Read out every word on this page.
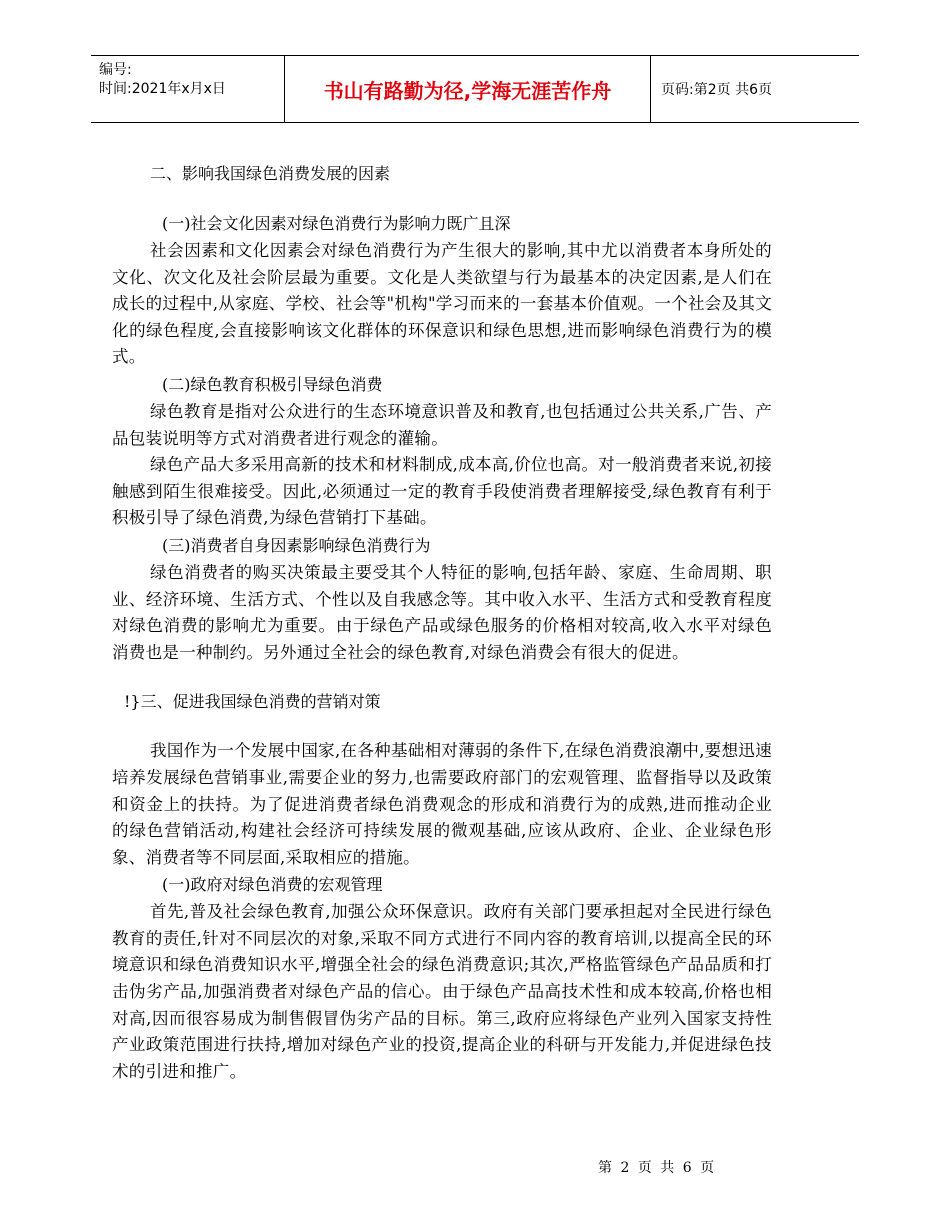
编号:
时间:2021年x月x日	书山有路勤为径,学海无涯苦作舟	页码:第2页 共6页
二、影响我国绿色消费发展的因素
(一)社会文化因素对绿色消费行为影响力既广且深

社会因素和文化因素会对绿色消费行为产生很大的影响,其中尤以消费者本身所处的文化、次文化及社会阶层最为重要。文化是人类欲望与行为最基本的决定因素,是人们在成长的过程中,从家庭、学校、社会等"机构"学习而来的一套基本价值观。一个社会及其文化的绿色程度,会直接影响该文化群体的环保意识和绿色思想,进而影响绿色消费行为的模式。

(二)绿色教育积极引导绿色消费

绿色教育是指对公众进行的生态环境意识普及和教育,也包括通过公共关系,广告、产品包装说明等方式对消费者进行观念的灌输。

绿色产品大多采用高新的技术和材料制成,成本高,价位也高。对一般消费者来说,初接触感到陌生很难接受。因此,必须通过一定的教育手段使消费者理解接受,绿色教育有利于积极引导了绿色消费,为绿色营销打下基础。

(三)消费者自身因素影响绿色消费行为

绿色消费者的购买决策最主要受其个人特征的影响,包括年龄、家庭、生命周期、职业、经济环境、生活方式、个性以及自我感念等。其中收入水平、生活方式和受教育程度对绿色消费的影响尤为重要。由于绿色产品或绿色服务的价格相对较高,收入水平对绿色消费也是一种制约。另外通过全社会的绿色教育,对绿色消费会有很大的促进。

!}三、促进我国绿色消费的营销对策

我国作为一个发展中国家,在各种基础相对薄弱的条件下,在绿色消费浪潮中,要想迅速培养发展绿色营销事业,需要企业的努力,也需要政府部门的宏观管理、监督指导以及政策和资金上的扶持。为了促进消费者绿色消费观念的形成和消费行为的成熟,进而推动企业的绿色营销活动,构建社会经济可持续发展的微观基础,应该从政府、企业、企业绿色形象、消费者等不同层面,采取相应的措施。

(一)政府对绿色消费的宏观管理

首先,普及社会绿色教育,加强公众环保意识。政府有关部门要承担起对全民进行绿色教育的责任,针对不同层次的对象,采取不同方式进行不同内容的教育培训,以提高全民的环境意识和绿色消费知识水平,增强全社会的绿色消费意识;其次,严格监管绿色产品品质和打击伪劣产品,加强消费者对绿色产品的信心。由于绿色产品高技术性和成本较高,价格也相对高,因而很容易成为制售假冒伪劣产品的目标。第三,政府应将绿色产业列入国家支持性产业政策范围进行扶持,增加对绿色产业的投资,提高企业的科研与开发能力,并促进绿色技术的引进和推广。

第 2 页 共 6 页
